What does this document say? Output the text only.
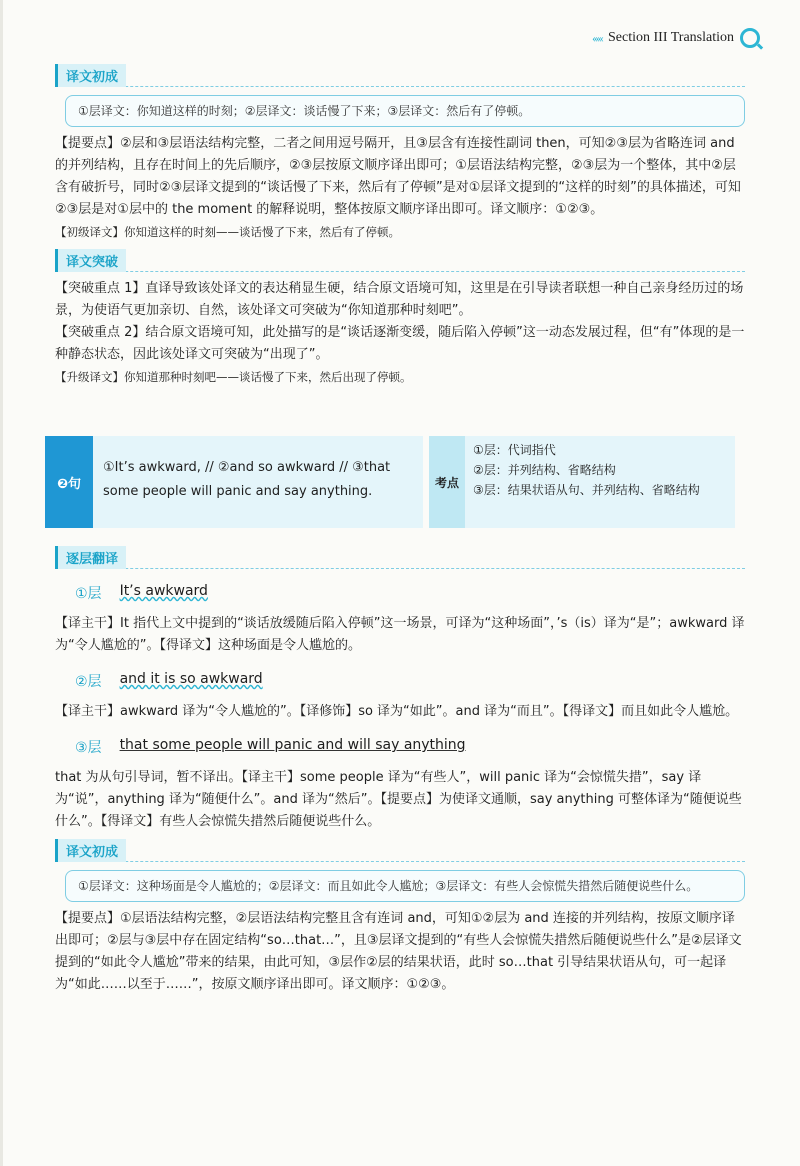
‹‹‹‹‹ Section III Translation
译文初成
①层译文：你知道这样的时刻；②层译文：谈话慢了下来；③层译文：然后有了停顿。

【提要点】②层和③层语法结构完整，二者之间用逗号隔开，且③层含有连接性副词 then，可知②③层为省略连词 and 的并列结构，且存在时间上的先后顺序，②③层按原文顺序译出即可；①层语法结构完整，②③层为一个整体，其中②层含有破折号，同时②③层译文提到的“谈话慢了下来，然后有了停顿”是对①层译文提到的“这样的时刻”的具体描述，可知②③层是对①层中的 the moment 的解释说明，整体按原文顺序译出即可。译文顺序：①②③。

【初级译文】你知道这样的时刻——谈话慢了下来，然后有了停顿。

译文突破

【突破重点 1】直译导致该处译文的表达稍显生硬，结合原文语境可知，这里是在引导读者联想一种自己亲身经历过的场景，为使语气更加亲切、自然，该处译文可突破为“你知道那种时刻吧”。

【突破重点 2】结合原文语境可知，此处描写的是“谈话逐渐变缓，随后陷入停顿”这一动态发展过程，但“有”体现的是一种静态状态，因此该处译文可突破为“出现了”。

【升级译文】你知道那种时刻吧——谈话慢了下来，然后出现了停顿。

❷句
①It’s awkward, // ②and so awkward // ③that some people will panic and say anything.
考点
①层：代词指代
②层：并列结构、省略结构
③层：结果状语从句、并列结构、省略结构
逐层翻译
①层 It’s awkward

【译主干】It 指代上文中提到的“谈话放缓随后陷入停顿”这一场景，可译为“这种场面”，’s（is）译为“是”；awkward 译为“令人尴尬的”。【得译文】这种场面是令人尴尬的。

②层 and it is so awkward

【译主干】awkward 译为“令人尴尬的”。【译修饰】so 译为“如此”。and 译为“而且”。【得译文】而且如此令人尴尬。

③层 that some people will panic and will say anything

that 为从句引导词，暂不译出。【译主干】some people 译为“有些人”，will panic 译为“会惊慌失措”，say 译为“说”，anything 译为“随便什么”。and 译为“然后”。【提要点】为使译文通顺，say anything 可整体译为“随便说些什么”。【得译文】有些人会惊慌失措然后随便说些什么。

译文初成
①层译文：这种场面是令人尴尬的；②层译文：而且如此令人尴尬；③层译文：有些人会惊慌失措然后随便说些什么。

【提要点】①层语法结构完整，②层语法结构完整且含有连词 and，可知①②层为 and 连接的并列结构，按原文顺序译出即可；②层与③层中存在固定结构“so…that…”，且③层译文提到的“有些人会惊慌失措然后随便说些什么”是②层译文提到的“如此令人尴尬”带来的结果，由此可知，③层作②层的结果状语，此时 so…that 引导结果状语从句，可一起译为“如此……以至于……”，按原文顺序译出即可。译文顺序：①②③。
